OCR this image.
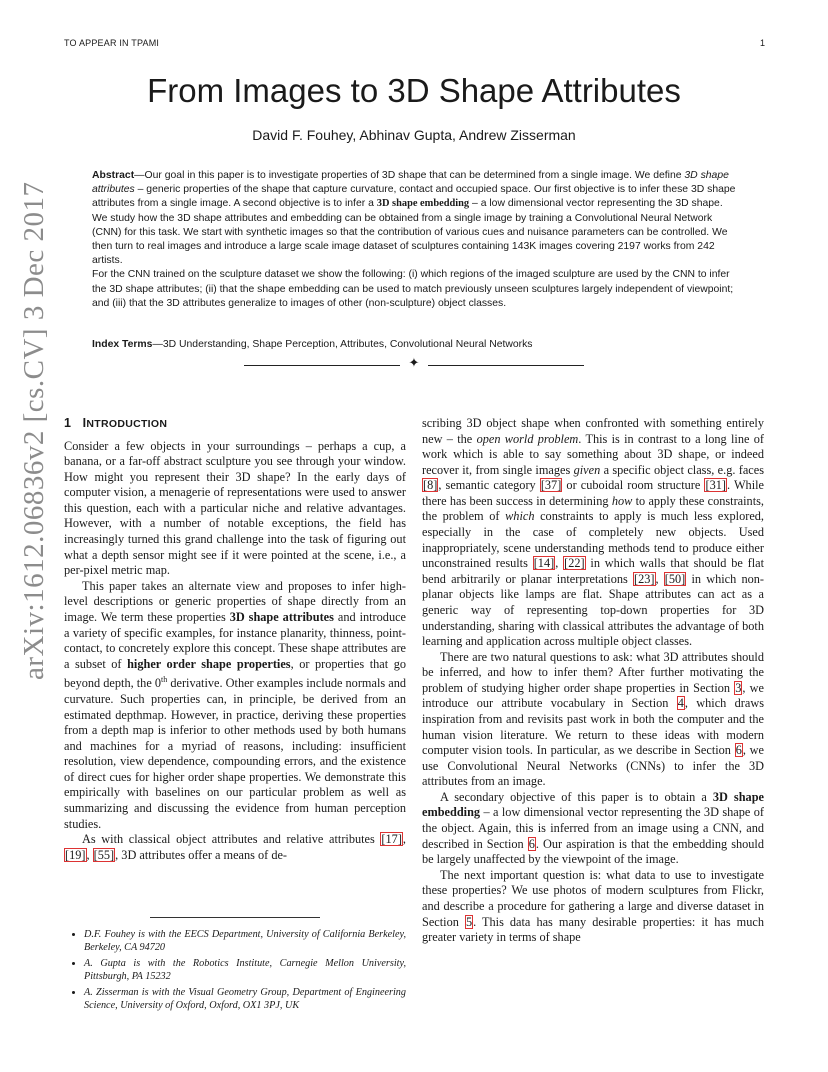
TO APPEAR IN TPAMI	1
arXiv:1612.06836v2 [cs.CV] 3 Dec 2017
From Images to 3D Shape Attributes
David F. Fouhey, Abhinav Gupta, Andrew Zisserman

Abstract—Our goal in this paper is to investigate properties of 3D shape that can be determined from a single image. We define 3D shape attributes – generic properties of the shape that capture curvature, contact and occupied space. Our first objective is to infer these 3D shape attributes from a single image. A second objective is to infer a 3D shape embedding – a low dimensional vector representing the 3D shape.

We study how the 3D shape attributes and embedding can be obtained from a single image by training a Convolutional Neural Network (CNN) for this task. We start with synthetic images so that the contribution of various cues and nuisance parameters can be controlled. We then turn to real images and introduce a large scale image dataset of sculptures containing 143K images covering 2197 works from 242 artists.

For the CNN trained on the sculpture dataset we show the following: (i) which regions of the imaged sculpture are used by the CNN to infer the 3D shape attributes; (ii) that the shape embedding can be used to match previously unseen sculptures largely independent of viewpoint; and (iii) that the 3D attributes generalize to images of other (non-sculpture) object classes.

Index Terms—3D Understanding, Shape Perception, Attributes, Convolutional Neural Networks
✦
1 INTRODUCTION

Consider a few objects in your surroundings – perhaps a cup, a banana, or a far-off abstract sculpture you see through your window. How might you represent their 3D shape? In the early days of computer vision, a menagerie of representations were used to answer this question, each with a particular niche and relative advantages. However, with a number of notable exceptions, the field has increasingly turned this grand challenge into the task of figuring out what a depth sensor might see if it were pointed at the scene, i.e., a per-pixel metric map.

This paper takes an alternate view and proposes to infer high-level descriptions or generic properties of shape directly from an image. We term these properties 3D shape attributes and introduce a variety of specific examples, for instance planarity, thinness, point-contact, to concretely explore this concept. These shape attributes are a subset of higher order shape properties, or properties that go beyond depth, the 0th derivative. Other examples include normals and curvature. Such properties can, in principle, be derived from an estimated depthmap. However, in practice, deriving these properties from a depth map is inferior to other methods used by both humans and machines for a myriad of reasons, including: insufficient resolution, view dependence, compounding errors, and the existence of direct cues for higher order shape properties. We demonstrate this empirically with baselines on our particular problem as well as summarizing and discussing the evidence from human perception studies.

As with classical object attributes and relative attributes [17], [19], [55], 3D attributes offer a means of de-

• D.F. Fouhey is with the EECS Department, University of California Berkeley, Berkeley, CA 94720
• A. Gupta is with the Robotics Institute, Carnegie Mellon University, Pittsburgh, PA 15232
• A. Zisserman is with the Visual Geometry Group, Department of Engineering Science, University of Oxford, Oxford, OX1 3PJ, UK

scribing 3D object shape when confronted with something entirely new – the open world problem. This is in contrast to a long line of work which is able to say something about 3D shape, or indeed recover it, from single images given a specific object class, e.g. faces [8], semantic category [37] or cuboidal room structure [31]. While there has been success in determining how to apply these constraints, the problem of which constraints to apply is much less explored, especially in the case of completely new objects. Used inappropriately, scene understanding methods tend to produce either unconstrained results [14], [22] in which walls that should be flat bend arbitrarily or planar interpretations [23], [50] in which non-planar objects like lamps are flat. Shape attributes can act as a generic way of representing top-down properties for 3D understanding, sharing with classical attributes the advantage of both learning and application across multiple object classes.

There are two natural questions to ask: what 3D attributes should be inferred, and how to infer them? After further motivating the problem of studying higher order shape properties in Section 3, we introduce our attribute vocabulary in Section 4, which draws inspiration from and revisits past work in both the computer and the human vision literature. We return to these ideas with modern computer vision tools. In particular, as we describe in Section 6, we use Convolutional Neural Networks (CNNs) to infer the 3D attributes from an image.

A secondary objective of this paper is to obtain a 3D shape embedding – a low dimensional vector representing the 3D shape of the object. Again, this is inferred from an image using a CNN, and described in Section 6. Our aspiration is that the embedding should be largely unaffected by the viewpoint of the image.

The next important question is: what data to use to investigate these properties? We use photos of modern sculptures from Flickr, and describe a procedure for gathering a large and diverse dataset in Section 5. This data has many desirable properties: it has much greater variety in terms of shape
